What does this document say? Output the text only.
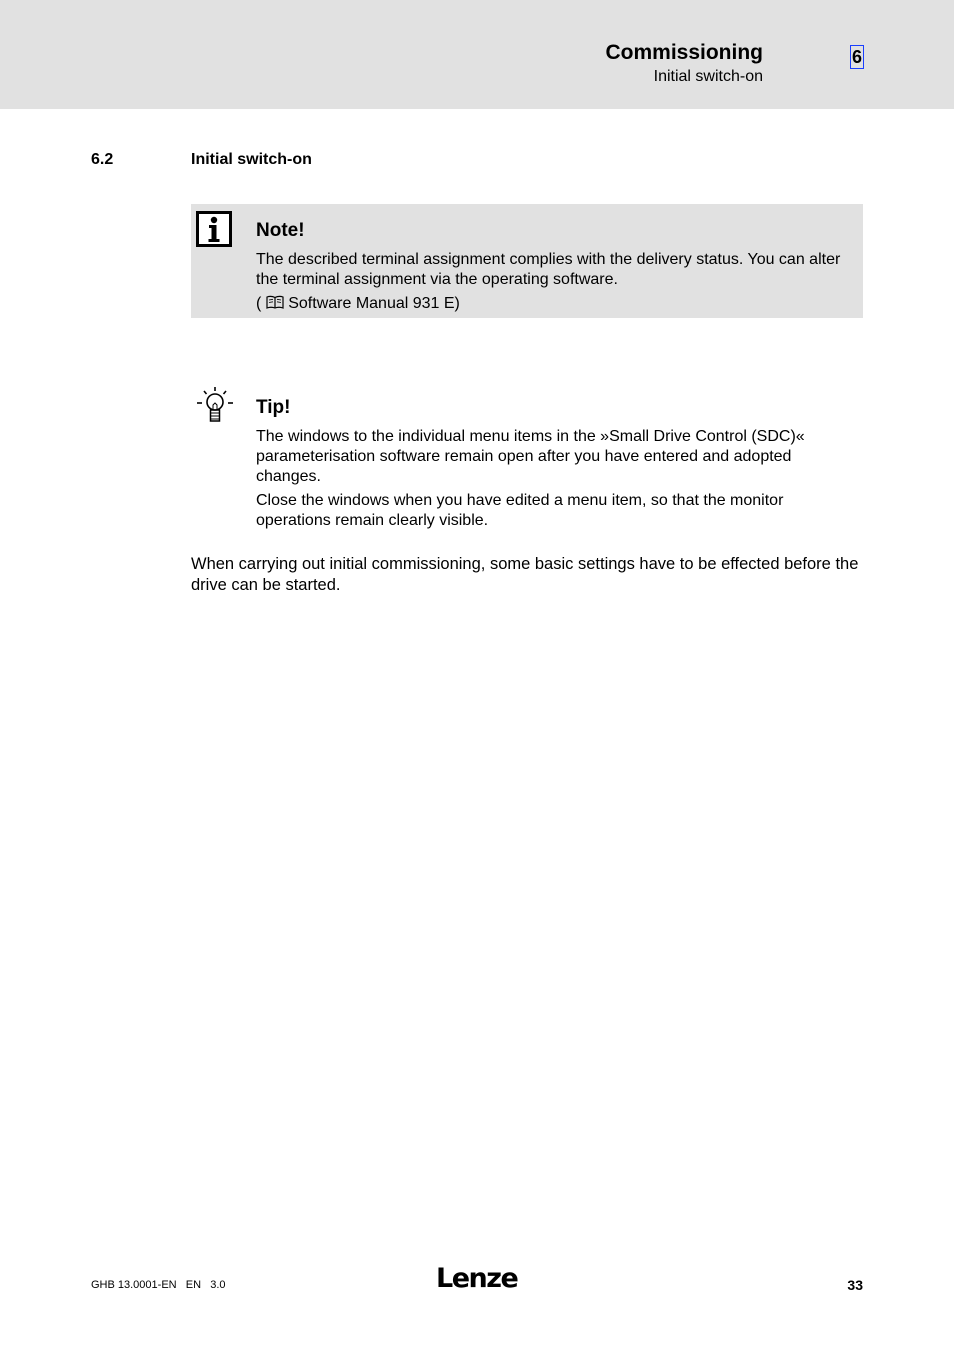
Commissioning
Initial switch-on
6
6.2	Initial switch-on
Note!
The described terminal assignment complies with the delivery status. You can alter the terminal assignment via the operating software.
( Software Manual 931 E)
Tip!
The windows to the individual menu items in the »Small Drive Control (SDC)« parameterisation software remain open after you have entered and adopted changes.
Close the windows when you have edited a menu item, so that the monitor operations remain clearly visible.
When carrying out initial commissioning, some basic settings have to be effected before the drive can be started.
GHB 13.0001-EN   EN   3.0	Lenze	33
